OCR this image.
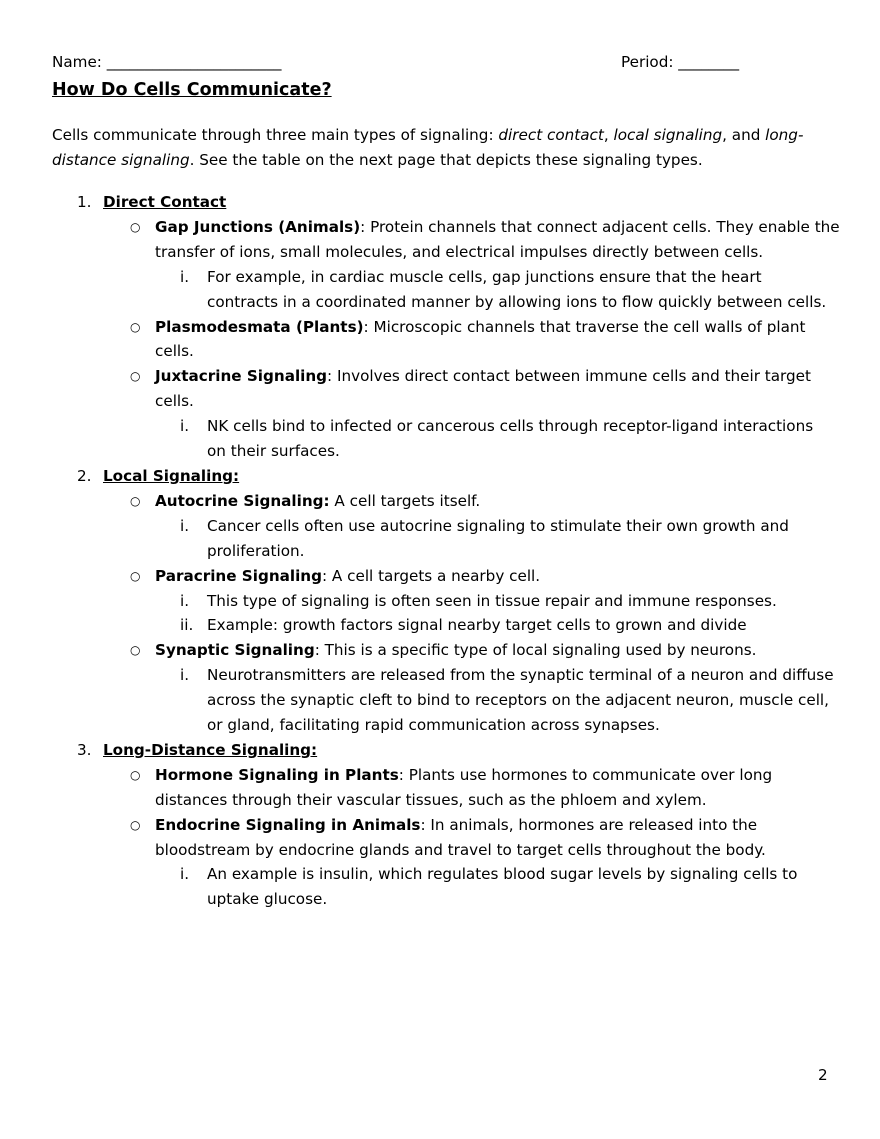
Name: _______________________	Period: ________
How Do Cells Communicate?

Cells communicate through three main types of signaling: direct contact, local signaling, and long-distance signaling. See the table on the next page that depicts these signaling types.

1. Direct Contact
○ Gap Junctions (Animals): Protein channels that connect adjacent cells. They enable the transfer of ions, small molecules, and electrical impulses directly between cells.
i. For example, in cardiac muscle cells, gap junctions ensure that the heart contracts in a coordinated manner by allowing ions to flow quickly between cells.
○ Plasmodesmata (Plants): Microscopic channels that traverse the cell walls of plant cells.
○ Juxtacrine Signaling: Involves direct contact between immune cells and their target cells.
i. NK cells bind to infected or cancerous cells through receptor-ligand interactions on their surfaces.
2. Local Signaling:
○ Autocrine Signaling: A cell targets itself.
i. Cancer cells often use autocrine signaling to stimulate their own growth and proliferation.
○ Paracrine Signaling: A cell targets a nearby cell.
i. This type of signaling is often seen in tissue repair and immune responses.
ii. Example: growth factors signal nearby target cells to grown and divide
○ Synaptic Signaling: This is a specific type of local signaling used by neurons.
i. Neurotransmitters are released from the synaptic terminal of a neuron and diffuse across the synaptic cleft to bind to receptors on the adjacent neuron, muscle cell, or gland, facilitating rapid communication across synapses.
3. Long-Distance Signaling:
○ Hormone Signaling in Plants: Plants use hormones to communicate over long distances through their vascular tissues, such as the phloem and xylem.
○ Endocrine Signaling in Animals: In animals, hormones are released into the bloodstream by endocrine glands and travel to target cells throughout the body.
i. An example is insulin, which regulates blood sugar levels by signaling cells to uptake glucose.
2
